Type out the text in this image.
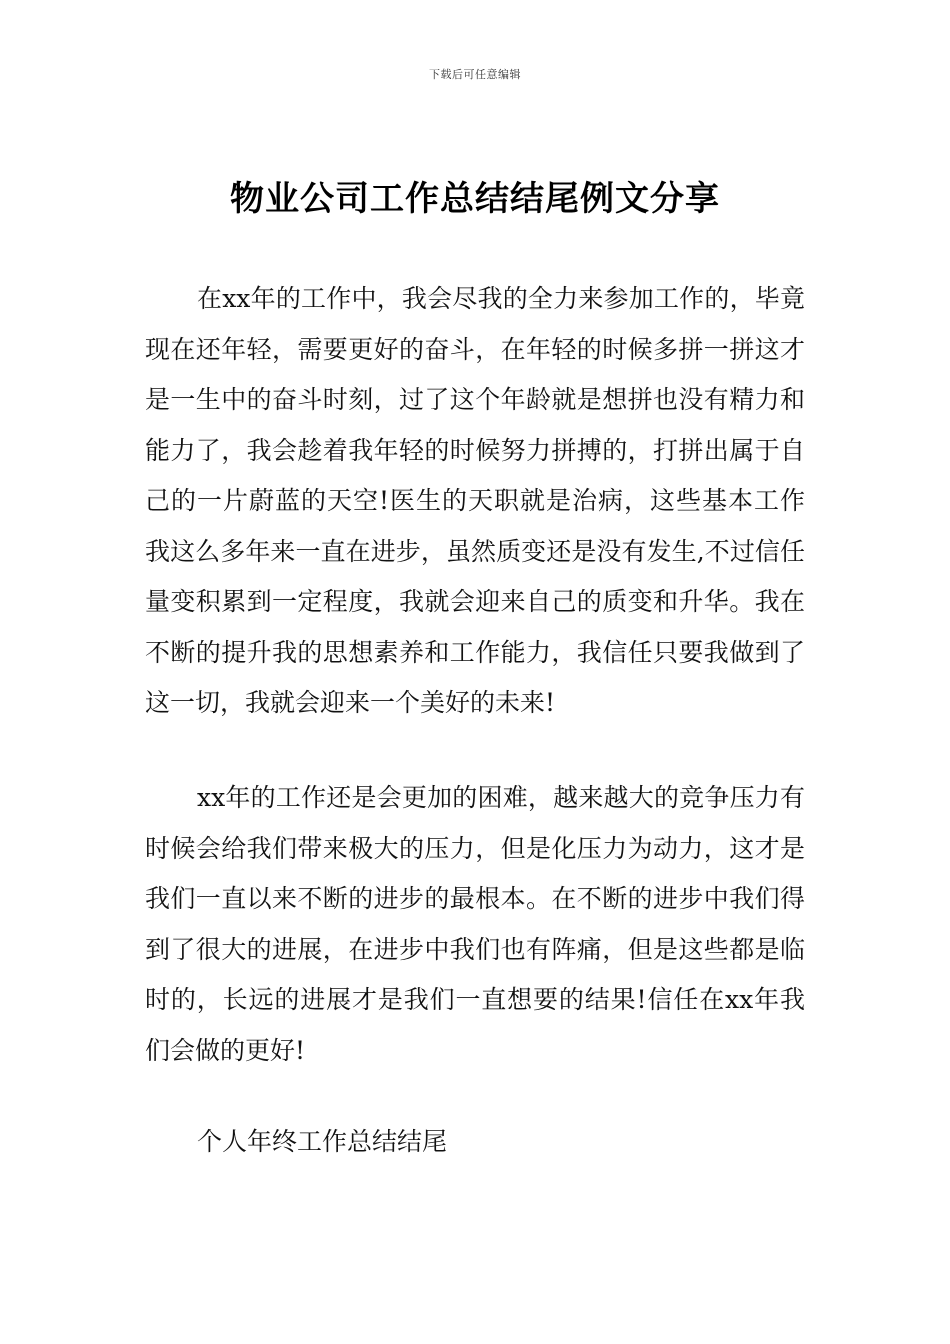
下载后可任意编辑
物业公司工作总结结尾例文分享

在xx年的工作中，我会尽我的全力来参加工作的，毕竟现在还年轻，需要更好的奋斗，在年轻的时候多拼一拼这才是一生中的奋斗时刻，过了这个年龄就是想拼也没有精力和能力了，我会趁着我年轻的时候努力拼搏的，打拼出属于自己的一片蔚蓝的天空!医生的天职就是治病，这些基本工作我这么多年来一直在进步，虽然质变还是没有发生,不过信任量变积累到一定程度，我就会迎来自己的质变和升华。我在不断的提升我的思想素养和工作能力，我信任只要我做到了这一切，我就会迎来一个美好的未来!

xx年的工作还是会更加的困难，越来越大的竞争压力有时候会给我们带来极大的压力，但是化压力为动力，这才是我们一直以来不断的进步的最根本。在不断的进步中我们得到了很大的进展，在进步中我们也有阵痛，但是这些都是临时的，长远的进展才是我们一直想要的结果!信任在xx年我们会做的更好!

个人年终工作总结结尾
